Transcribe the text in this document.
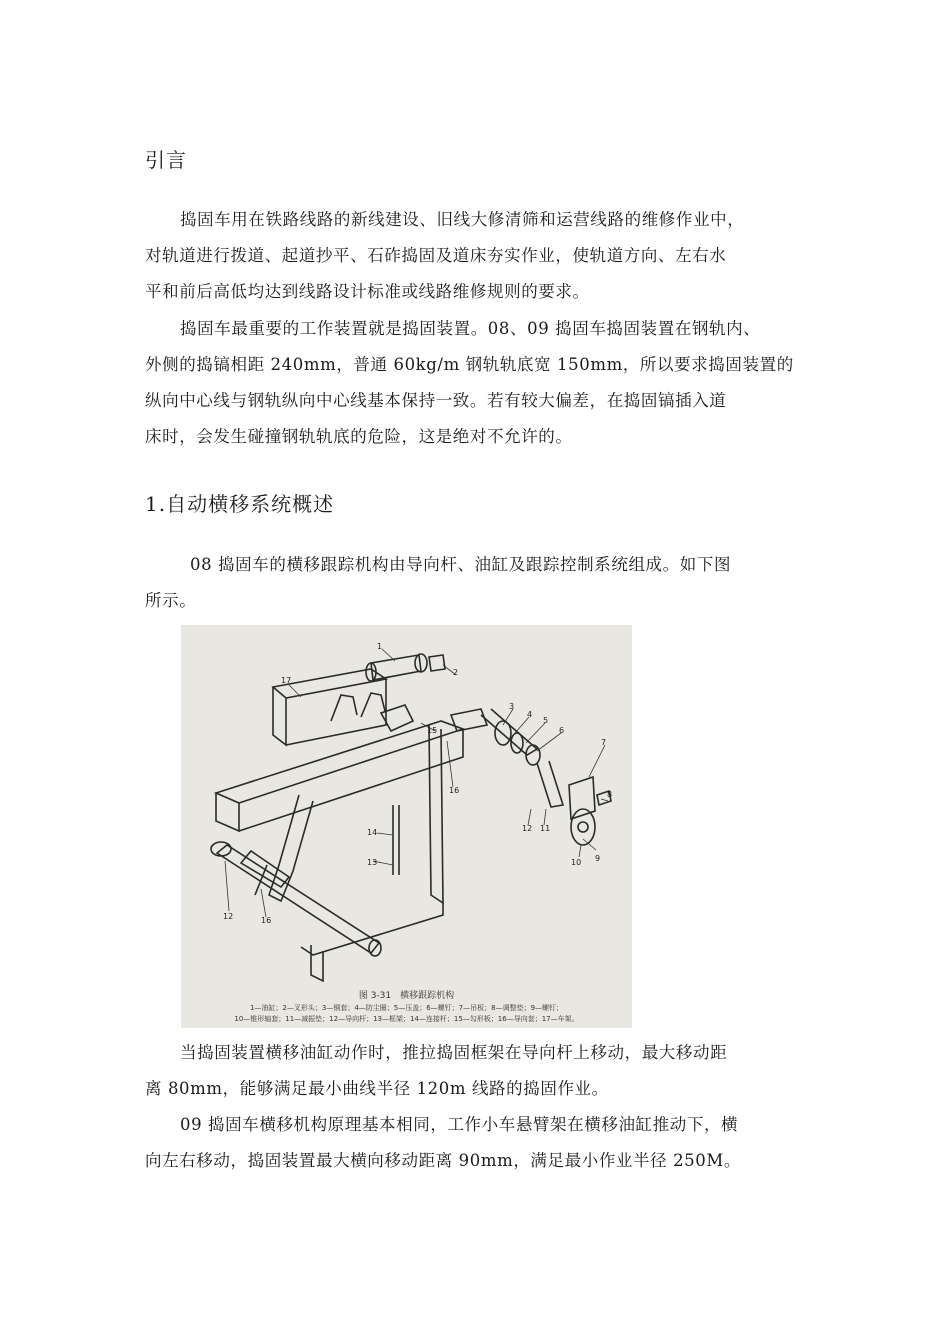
引言

捣固车用在铁路线路的新线建设、旧线大修清筛和运营线路的维修作业中，

对轨道进行拨道、起道抄平、石砟捣固及道床夯实作业，使轨道方向、左右水

平和前后高低均达到线路设计标准或线路维修规则的要求。

捣固车最重要的工作装置就是捣固装置。08、09 捣固车捣固装置在钢轨内、

外侧的捣镐相距 240mm，普通 60kg/m 钢轨轨底宽 150mm，所以要求捣固装置的

纵向中心线与钢轨纵向中心线基本保持一致。若有较大偏差，在捣固镐插入道

床时，会发生碰撞钢轨轨底的危险，这是绝对不允许的。

1.自动横移系统概述

08 捣固车的横移跟踪机构由导向杆、油缸及跟踪控制系统组成。如下图

所示。

1
2
3
4
5
6
7
8
9
10
11
12
13
14
15
16
17
12	16

图 3-31　横移跟踪机构

1—油缸；2—叉形头；3—铜套；4—防尘圈；5—压盖；6—螺钉；7—吊板；8—调整垫；9—螺钉；

10—锥形轴套；11—减振垫；12—导向杆；13—框架；14—连接杆；15—勾形板；16—导向套；17—车架。

当捣固装置横移油缸动作时，推拉捣固框架在导向杆上移动，最大移动距

离 80mm，能够满足最小曲线半径 120m 线路的捣固作业。

09 捣固车横移机构原理基本相同，工作小车悬臂架在横移油缸推动下，横

向左右移动，捣固装置最大横向移动距离 90mm，满足最小作业半径 250M。
